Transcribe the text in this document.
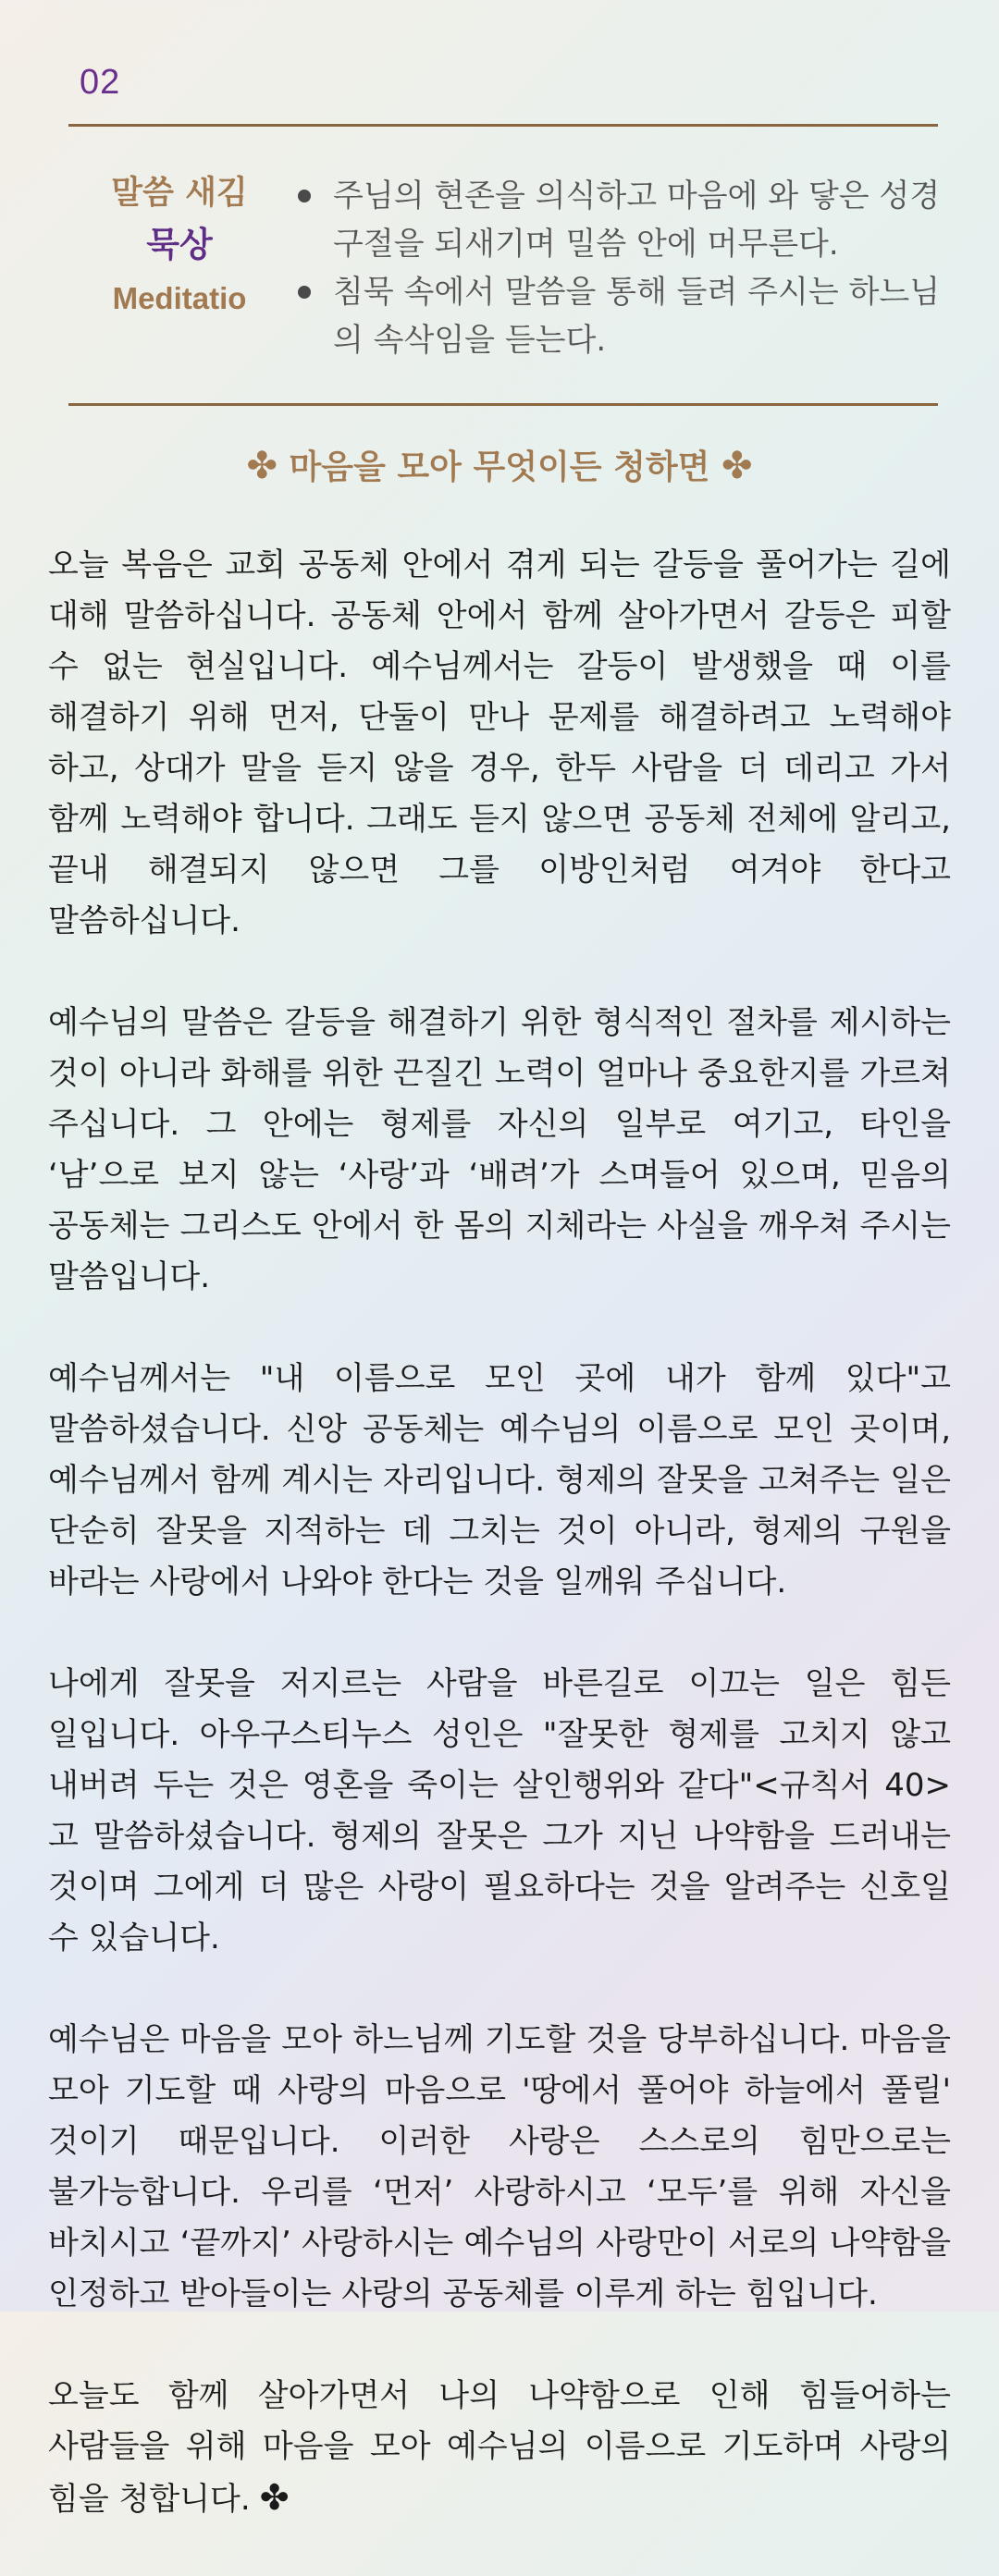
02
말씀 새김
묵상
Meditatio
주님의 현존을 의식하고 마음에 와 닿은 성경구절을 되새기며 밀씀 안에 머무른다.
침묵 속에서 말씀을 통해 들려 주시는 하느님의 속삭임을 듣는다.
✤ 마음을 모아 무엇이든 청하면 ✤

오늘 복음은 교회 공동체 안에서 겪게 되는 갈등을 풀어가는 길에 대해 말씀하십니다. 공동체 안에서 함께 살아가면서 갈등은 피할 수 없는 현실입니다. 예수님께서는 갈등이 발생했을 때 이를 해결하기 위해 먼저, 단둘이 만나 문제를 해결하려고 노력해야 하고, 상대가 말을 듣지 않을 경우, 한두 사람을 더 데리고 가서 함께 노력해야 합니다. 그래도 듣지 않으면 공동체 전체에 알리고, 끝내 해결되지 않으면 그를 이방인처럼 여겨야 한다고 말씀하십니다.

예수님의 말씀은 갈등을 해결하기 위한 형식적인 절차를 제시하는 것이 아니라 화해를 위한 끈질긴 노력이 얼마나 중요한지를 가르쳐 주십니다. 그 안에는 형제를 자신의 일부로 여기고, 타인을 ‘남’으로 보지 않는 ‘사랑’과 ‘배려’가 스며들어 있으며, 믿음의 공동체는 그리스도 안에서 한 몸의 지체라는 사실을 깨우쳐 주시는 말씀입니다.

예수님께서는 "내 이름으로 모인 곳에 내가 함께 있다"고 말씀하셨습니다. 신앙 공동체는 예수님의 이름으로 모인 곳이며, 예수님께서 함께 계시는 자리입니다. 형제의 잘못을 고쳐주는 일은 단순히 잘못을 지적하는 데 그치는 것이 아니라, 형제의 구원을 바라는 사랑에서 나와야 한다는 것을 일깨워 주십니다.

나에게 잘못을 저지르는 사람을 바른길로 이끄는 일은 힘든 일입니다. 아우구스티누스 성인은 "잘못한 형제를 고치지 않고 내버려 두는 것은 영혼을 죽이는 살인행위와 같다"<규칙서 40>고 말씀하셨습니다. 형제의 잘못은 그가 지닌 나약함을 드러내는 것이며 그에게 더 많은 사랑이 필요하다는 것을 알려주는 신호일 수 있습니다.

예수님은 마음을 모아 하느님께 기도할 것을 당부하십니다. 마음을 모아 기도할 때 사랑의 마음으로 '땅에서 풀어야 하늘에서 풀릴' 것이기 때문입니다. 이러한 사랑은 스스로의 힘만으로는 불가능합니다. 우리를 ‘먼저’ 사랑하시고 ‘모두’를 위해 자신을 바치시고 ‘끝까지’ 사랑하시는 예수님의 사랑만이 서로의 나약함을 인정하고 받아들이는 사랑의 공동체를 이루게 하는 힘입니다.

오늘도 함께 살아가면서 나의 나약함으로 인해 힘들어하는 사람들을 위해 마음을 모아 예수님의 이름으로 기도하며 사랑의 힘을 청합니다. ✤
